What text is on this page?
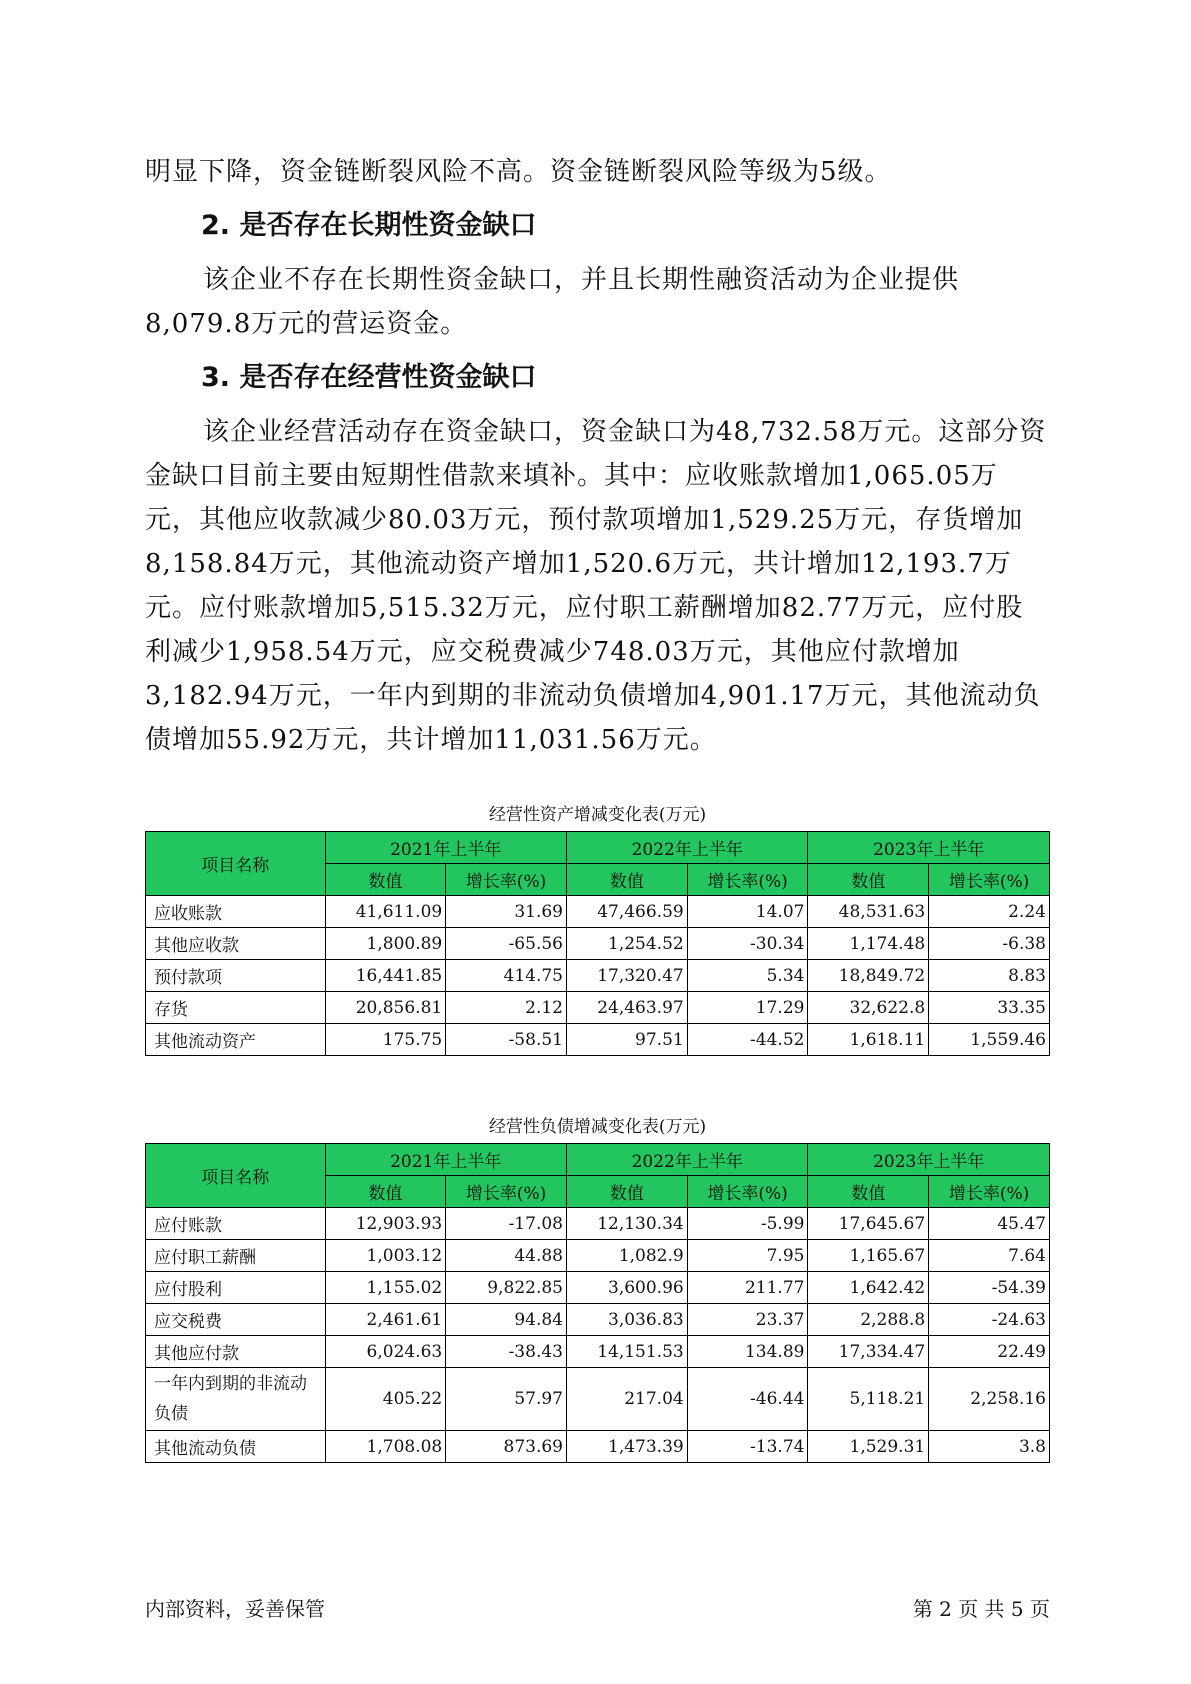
明显下降，资金链断裂风险不高。资金链断裂风险等级为5级。

2. 是否存在长期性资金缺口

该企业不存在长期性资金缺口，并且长期性融资活动为企业提供8,079.8万元的营运资金。

3. 是否存在经营性资金缺口

该企业经营活动存在资金缺口，资金缺口为48,732.58万元。这部分资金缺口目前主要由短期性借款来填补。其中：应收账款增加1,065.05万元，其他应收款减少80.03万元，预付款项增加1,529.25万元，存货增加8,158.84万元，其他流动资产增加1,520.6万元，共计增加12,193.7万元。应付账款增加5,515.32万元，应付职工薪酬增加82.77万元，应付股利减少1,958.54万元，应交税费减少748.03万元，其他应付款增加3,182.94万元，一年内到期的非流动负债增加4,901.17万元，其他流动负债增加55.92万元，共计增加11,031.56万元。

经营性资产增减变化表(万元)

项目名称	2021年上半年		2022年上半年		2023年上半年	
	数值	增长率(%)	数值	增长率(%)	数值	增长率(%)
应收账款	41,611.09	31.69	47,466.59	14.07	48,531.63	2.24
其他应收款	1,800.89	-65.56	1,254.52	-30.34	1,174.48	-6.38
预付款项	16,441.85	414.75	17,320.47	5.34	18,849.72	8.83
存货	20,856.81	2.12	24,463.97	17.29	32,622.8	33.35
其他流动资产	175.75	-58.51	97.51	-44.52	1,618.11	1,559.46

经营性负债增减变化表(万元)

项目名称	2021年上半年		2022年上半年		2023年上半年	
	数值	增长率(%)	数值	增长率(%)	数值	增长率(%)
应付账款	12,903.93	-17.08	12,130.34	-5.99	17,645.67	45.47
应付职工薪酬	1,003.12	44.88	1,082.9	7.95	1,165.67	7.64
应付股利	1,155.02	9,822.85	3,600.96	211.77	1,642.42	-54.39
应交税费	2,461.61	94.84	3,036.83	23.37	2,288.8	-24.63
其他应付款	6,024.63	-38.43	14,151.53	134.89	17,334.47	22.49
一年内到期的非流动负债	405.22	57.97	217.04	-46.44	5,118.21	2,258.16
其他流动负债	1,708.08	873.69	1,473.39	-13.74	1,529.31	3.8
内部资料，妥善保管	第 2 页 共 5 页
